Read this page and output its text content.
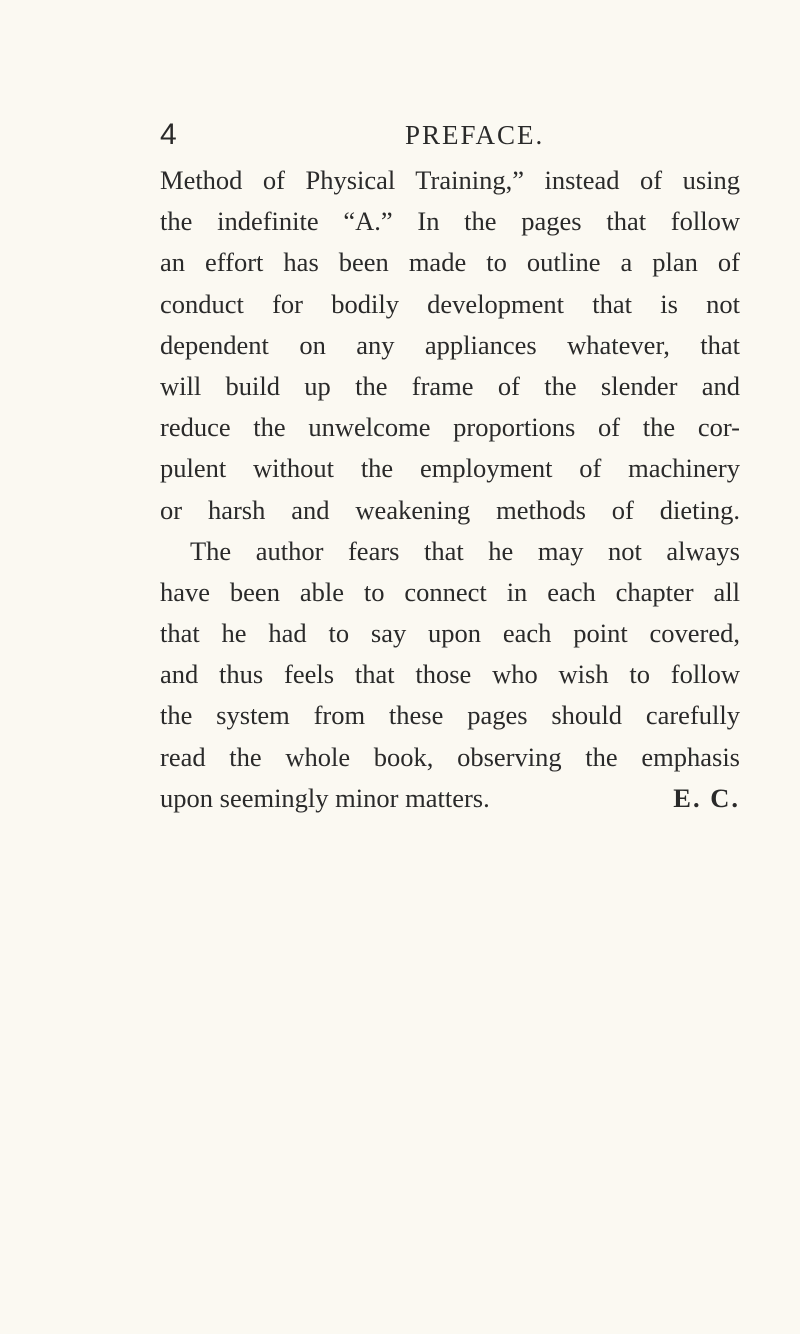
4	PREFACE.
Method of Physical Training,” instead of using
the indefinite “A.” In the pages that follow
an effort has been made to outline a plan of
conduct for bodily development that is not
dependent on any appliances whatever, that
will build up the frame of the slender and
reduce the unwelcome proportions of the cor-
pulent without the employment of machinery
or harsh and weakening methods of dieting.
The author fears that he may not always
have been able to connect in each chapter all
that he had to say upon each point covered,
and thus feels that those who wish to follow
the system from these pages should carefully
read the whole book, observing the emphasis
upon seemingly minor matters.	E. C.
